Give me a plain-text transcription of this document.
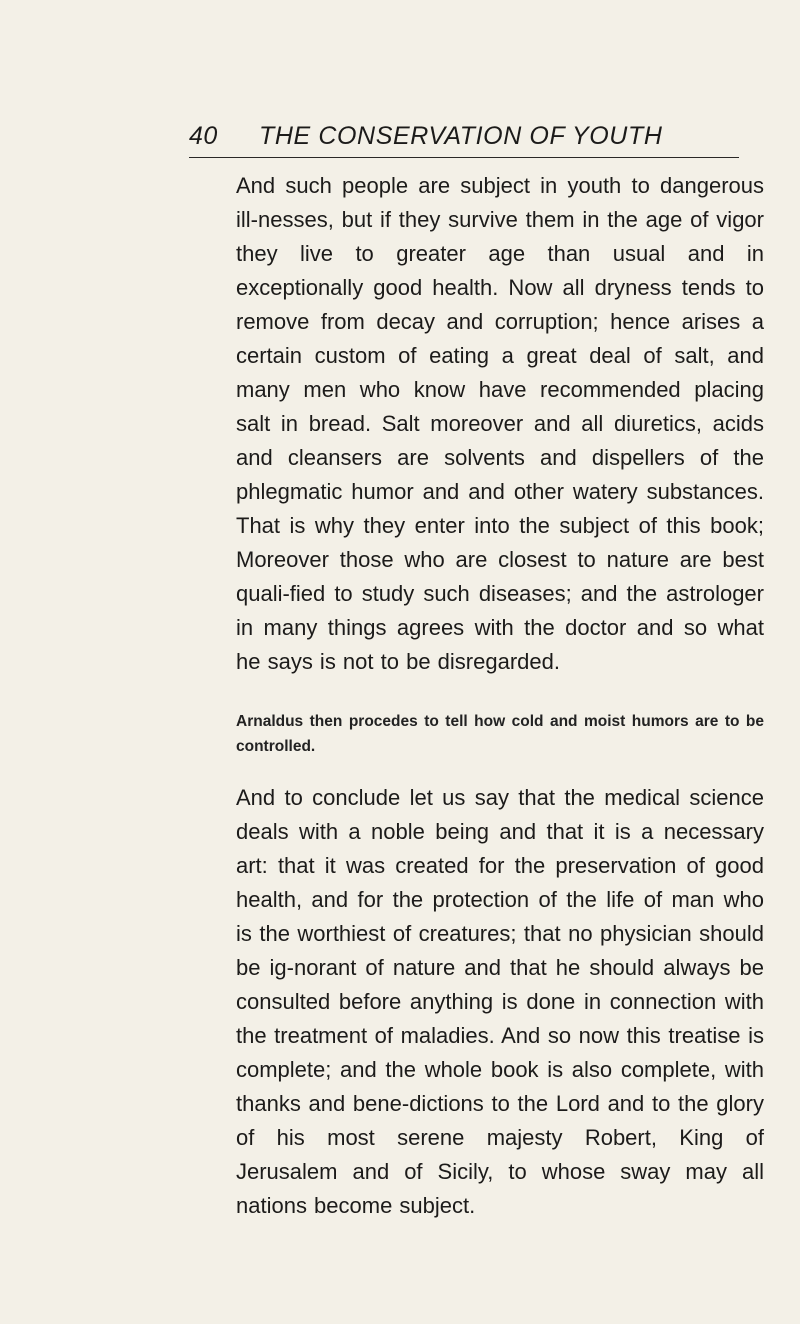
40 THE CONSERVATION OF YOUTH

And such people are subject in youth to dangerous ill-nesses, but if they survive them in the age of vigor they live to greater age than usual and in exceptionally good health. Now all dryness tends to remove from decay and corruption; hence arises a certain custom of eating a great deal of salt, and many men who know have recommended placing salt in bread. Salt moreover and all diuretics, acids and cleansers are solvents and dispellers of the phlegmatic humor and and other watery substances. That is why they enter into the subject of this book; Moreover those who are closest to nature are best quali-fied to study such diseases; and the astrologer in many things agrees with the doctor and so what he says is not to be disregarded.

Arnaldus then procedes to tell how cold and moist humors are to be controlled.

And to conclude let us say that the medical science deals with a noble being and that it is a necessary art: that it was created for the preservation of good health, and for the protection of the life of man who is the worthiest of creatures; that no physician should be ig-norant of nature and that he should always be consulted before anything is done in connection with the treatment of maladies. And so now this treatise is complete; and the whole book is also complete, with thanks and bene-dictions to the Lord and to the glory of his most serene majesty Robert, King of Jerusalem and of Sicily, to whose sway may all nations become subject.
